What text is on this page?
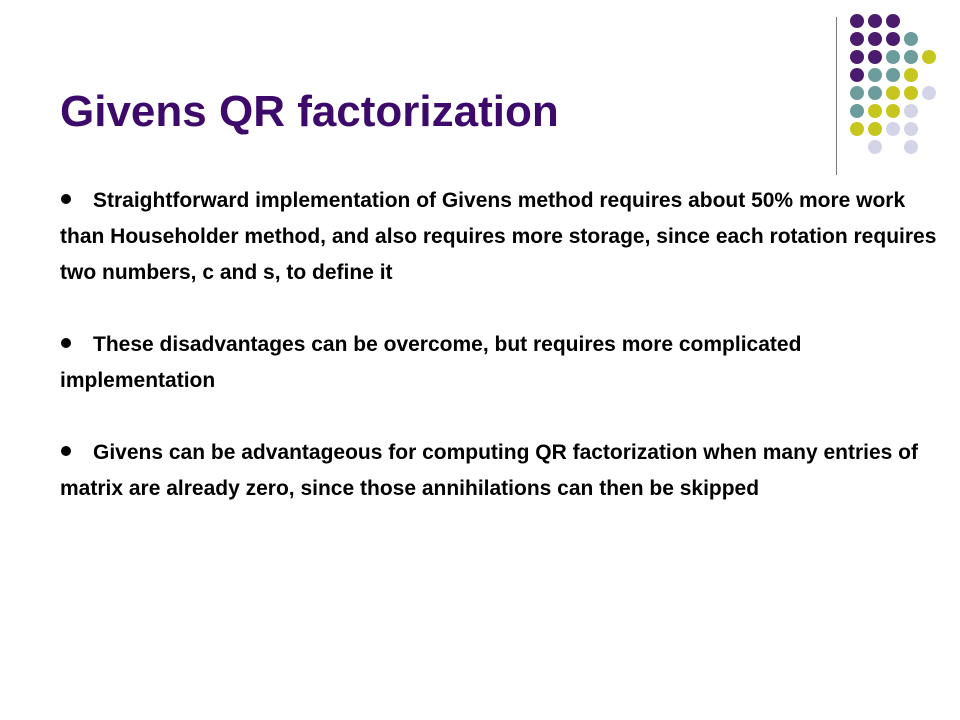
Givens QR factorization

Straightforward implementation of Givens method requires about 50% more work than Householder method, and also requires more storage, since each rotation requires two numbers, c and s, to define it

These disadvantages can be overcome, but requires more complicated implementation

Givens can be advantageous for computing QR factorization when many entries of matrix are already zero, since those annihilations can then be skipped
